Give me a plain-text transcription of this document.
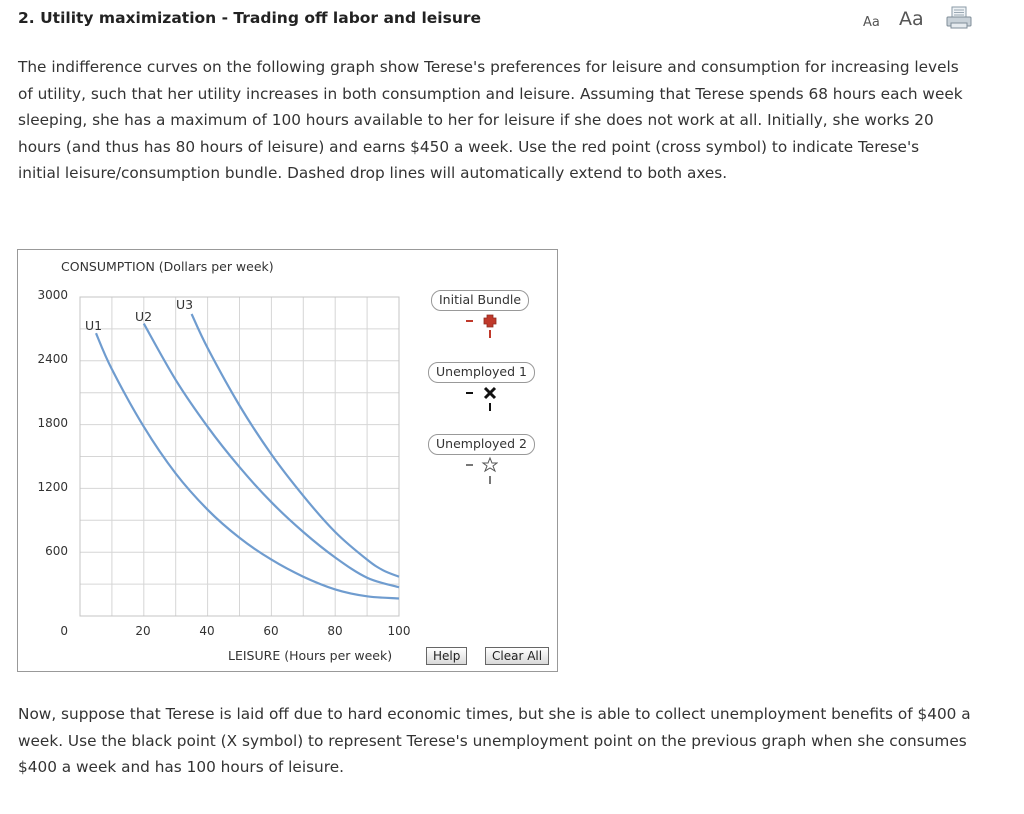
2. Utility maximization - Trading off labor and leisure	Aa Aa

The indifference curves on the following graph show Terese's preferences for leisure and consumption for increasing levels of utility, such that her utility increases in both consumption and leisure. Assuming that Terese spends 68 hours each week sleeping, she has a maximum of 100 hours available to her for leisure if she does not work at all. Initially, she works 20 hours (and thus has 80 hours of leisure) and earns $450 a week. Use the red point (cross symbol) to indicate Terese's initial leisure/consumption bundle. Dashed drop lines will automatically extend to both axes.

CONSUMPTION (Dollars per week)
LEISURE (Hours per week)
3000
2400
1800
1200
600
0	20	40	60	80	100
U1
U2
U3	Initial Bundle
Unemployed 1
Unemployed 2
Help	Clear All

Now, suppose that Terese is laid off due to hard economic times, but she is able to collect unemployment benefits of $400 a week. Use the black point (X symbol) to represent Terese's unemployment point on the previous graph when she consumes $400 a week and has 100 hours of leisure.
